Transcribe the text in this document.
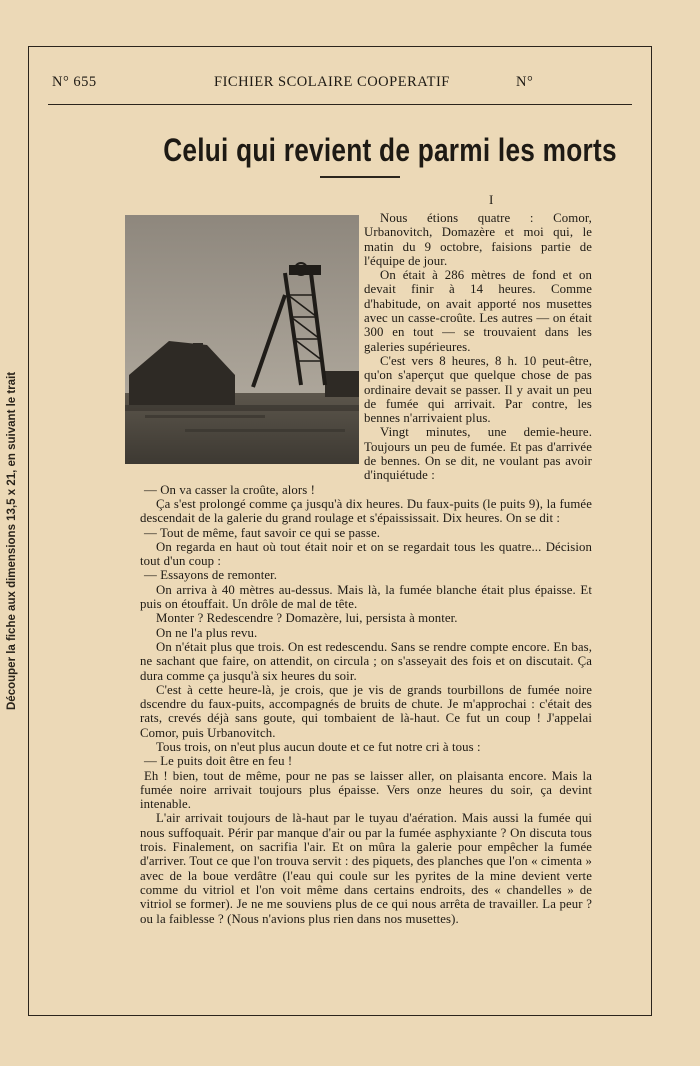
N° 655	FICHIER SCOLAIRE COOPERATIF	N°
Découper la fiche aux dimensions 13,5 x 21, en suivant le trait
Celui qui revient de parmi les morts
I

Nous étions quatre : Comor, Urbanovitch, Domazère et moi qui, le matin du 9 octobre, faisions partie de l'équipe de jour.

On était à 286 mètres de fond et on devait finir à 14 heures. Comme d'habitude, on avait apporté nos musettes avec un casse-croûte. Les autres — on était 300 en tout — se trouvaient dans les galeries supérieures.

C'est vers 8 heures, 8 h. 10 peut-être, qu'on s'aperçut que quelque chose de pas ordinaire devait se passer. Il y avait un peu de fumée qui arrivait. Par contre, les bennes n'arrivaient plus.

Vingt minutes, une demie-heure. Toujours un peu de fumée. Et pas d'arrivée de bennes. On se dit, ne voulant pas avoir d'inquiétude :

— On va casser la croûte, alors !

Ça s'est prolongé comme ça jusqu'à dix heures. Du faux-puits (le puits 9), la fumée descendait de la galerie du grand roulage et s'épaississait. Dix heures. On se dit :

— Tout de même, faut savoir ce qui se passe.

On regarda en haut où tout était noir et on se regardait tous les quatre... Décision tout d'un coup :

— Essayons de remonter.

On arriva à 40 mètres au-dessus. Mais là, la fumée blanche était plus épaisse. Et puis on étouffait. Un drôle de mal de tête.

Monter ? Redescendre ? Domazère, lui, persista à monter.

On ne l'a plus revu.

On n'était plus que trois. On est redescendu. Sans se rendre compte encore. En bas, ne sachant que faire, on attendit, on circula ; on s'asseyait des fois et on discutait. Ça dura comme ça jusqu'à six heures du soir.

C'est à cette heure-là, je crois, que je vis de grands tourbillons de fumée noire dscendre du faux-puits, accompagnés de bruits de chute. Je m'approchai : c'était des rats, crevés déjà sans goute, qui tombaient de là-haut. Ce fut un coup ! J'appelai Comor, puis Urbanovitch.

Tous trois, on n'eut plus aucun doute et ce fut notre cri à tous :

— Le puits doit être en feu !

Eh ! bien, tout de même, pour ne pas se laisser aller, on plaisanta encore. Mais la fumée noire arrivait toujours plus épaisse. Vers onze heures du soir, ça devint intenable.

L'air arrivait toujours de là-haut par le tuyau d'aération. Mais aussi la fumée qui nous suffoquait. Périr par manque d'air ou par la fumée asphyxiante ? On discuta tous trois. Finalement, on sacrifia l'air. Et on mûra la galerie pour empêcher la fumée d'arriver. Tout ce que l'on trouva servit : des piquets, des planches que l'on « cimenta » avec de la boue verdâtre (l'eau qui coule sur les pyrites de la mine devient verte comme du vitriol et l'on voit même dans certains endroits, des « chandelles » de vitriol se former). Je ne me souviens plus de ce qui nous arrêta de travailler. La peur ? ou la faiblesse ? (Nous n'avions plus rien dans nos musettes).
